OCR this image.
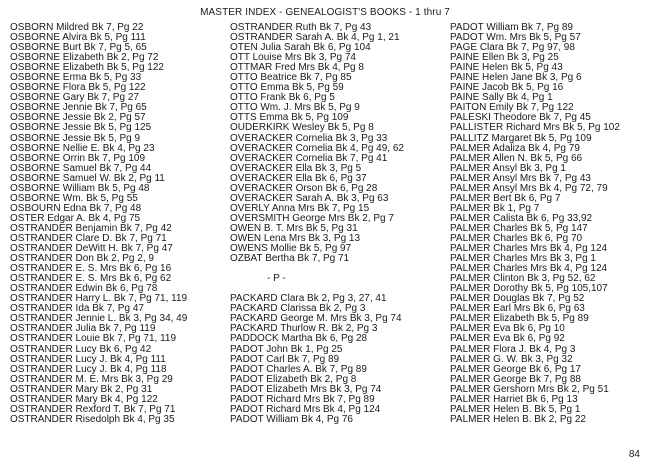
MASTER INDEX - GENEALOGIST'S BOOKS - 1 thru 7
OSBORN Mildred Bk 7, Pg 22
OSBORNE Alvira Bk 5, Pg 111
OSBORNE Burt Bk 7, Pg 5, 65
OSBORNE Elizabeth Bk 2, Pg 72
OSBORNE Elizabeth Bk 5, Pg 122
OSBORNE Erma Bk 5, Pg 33
OSBORNE Flora Bk 5, Pg 122
OSBORNE Gary Bk 7, Pg 27
OSBORNE Jennie Bk 7, Pg 65
OSBORNE Jessie Bk 2, Pg 57
OSBORNE Jessie Bk 5, Pg 125
OSBORNE Jessie Bk 5, Pg 9
OSBORNE Nellie E. Bk 4, Pg 23
OSBORNE Orrin Bk 7, Pg 109
OSBORNE Samuel Bk 7, Pg 44
OSBORNE Samuel W. Bk 2, Pg 11
OSBORNE William Bk 5, Pg 48
OSBORNE Wm. Bk 5, Pg 55
OSBOURN Edna Bk 7, Pg 48
OSTER Edgar A. Bk 4, Pg 75
OSTRANDER Benjamin Bk 7, Pg 42
OSTRANDER Clare D. Bk 7, Pg 71
OSTRANDER DeWitt H. Bk 7, Pg 47
OSTRANDER Don Bk 2, Pg 2, 9
OSTRANDER E. S. Mrs Bk 6, Pg 16
OSTRANDER E. S. Mrs Bk 6, Pg 62
OSTRANDER Edwin Bk 6, Pg 78
OSTRANDER Harry L. Bk 7, Pg 71, 119
OSTRANDER Ida Bk 7, Pg 47
OSTRANDER Jennie L. Bk 3, Pg 34, 49
OSTRANDER Julia Bk 7, Pg 119
OSTRANDER Louie Bk 7, Pg 71, 119
OSTRANDER Lucy Bk 6, Pg 42
OSTRANDER Lucy J. Bk 4, Pg 111
OSTRANDER Lucy J. Bk 4, Pg 118
OSTRANDER M. E. Mrs Bk 3, Pg 29
OSTRANDER Mary Bk 2, Pg 31
OSTRANDER Mary Bk 4, Pg 122
OSTRANDER Rexford T. Bk 7, Pg 71
OSTRANDER Risedolph Bk 4, Pg 35
OSTRANDER Ruth Bk 7, Pg 43
OSTRANDER Sarah A. Bk 4, Pg 1, 21
OTEN Julia Sarah Bk 6, Pg 104
OTT Louise Mrs Bk 3, Pg 74
OTTMAR Fred Mrs Bk 4, Pg 8
OTTO Beatrice Bk 7, Pg 85
OTTO Emma Bk 5, Pg 59
OTTO Frank Bk 6, Pg 5
OTTO Wm. J. Mrs Bk 5, Pg 9
OTTS Emma Bk 5, Pg 109
OUDERKIRK Wesley Bk 5, Pg 8
OVERACKER Cornelia Bk 3, Pg 33
OVERACKER Cornelia Bk 4, Pg 49, 62
OVERACKER Cornelia Bk 7, Pg 41
OVERACKER Ella Bk 3, Pg 5
OVERACKER Ella Bk 6, Pg 37
OVERACKER Orson Bk 6, Pg 28
OVERACKER Sarah A. Bk 3, Pg 63
OVERLY Anna Mrs Bk 7, Pg 15
OVERSMITH George Mrs Bk 2, Pg 7
OWEN B. T. Mrs Bk 5, Pg 31
OWEN Lena Mrs Bk 3, Pg 13
OWENS Mollie Bk 5, Pg 97
OZBAT Bertha Bk 7, Pg 71
- P -
PACKARD Clara Bk 2, Pg 3, 27, 41
PACKARD Clarissa Bk 2, Pg 3
PACKARD George M. Mrs Bk 3, Pg 74
PACKARD Thurlow R. Bk 2, Pg 3
PADDOCK Martha Bk 6, Pg 28
PADOT John Bk 1, Pg 25
PADOT Carl Bk 7, Pg 89
PADOT Charles A. Bk 7, Pg 89
PADOT Elizabeth Bk 2, Pg 8
PADOT Elizabeth Mrs Bk 3, Pg 74
PADOT Richard Mrs Bk 7, Pg 89
PADOT Richard Mrs Bk 4, Pg 124
PADOT William Bk 4, Pg 76
PADOT William Bk 7, Pg 89
PADOT Wm. Mrs Bk 5, Pg 57
PAGE Clara Bk 7, Pg 97, 98
PAINE Ellen Bk 3, Pg 25
PAINE Helen Bk 5, Pg 43
PAINE Helen Jane Bk 3, Pg 6
PAINE Jacob Bk 5, Pg 16
PAINE Sally Bk 4, Pg 1
PAITON Emily Bk 7, Pg 122
PALESKI Theodore Bk 7, Pg 45
PALLISTER Richard Mrs Bk 5, Pg 102
PALLITZ Margaret Bk 5, Pg 109
PALMER Adaliza Bk 4, Pg 79
PALMER Allen N. Bk 5, Pg 66
PALMER Ansyl Bk 3, Pg 1
PALMER Ansyl Mrs Bk 7, Pg 43
PALMER Ansyl Mrs Bk 4, Pg 72, 79
PALMER Bert Bk 6, Pg 7
PALMER Bk 1, Pg 7
PALMER Calista Bk 6, Pg 33,92
PALMER Charles Bk 5, Pg 147
PALMER Charles Bk 6, Pg 70
PALMER Charles Mrs Bk 4, Pg 124
PALMER Charles Mrs Bk 3, Pg 1
PALMER Charles Mrs Bk 4, Pg 124
PALMER Clinton Bk 3, Pg 52, 62
PALMER Dorothy Bk 5, Pg 105,107
PALMER Douglas Bk 7, Pg 52
PALMER Earl Mrs Bk 6, Pg 63
PALMER Elizabeth Bk 5, Pg 89
PALMER Eva Bk 6, Pg 10
PALMER Eva Bk 6, Pg 92
PALMER Flora J. Bk 4, Pg 3
PALMER G. W. Bk 3, Pg 32
PALMER George Bk 6, Pg 17
PALMER George Bk 7, Pg 88
PALMER Gershorn Mrs Bk 2, Pg 51
PALMER Harriet Bk 6, Pg 13
PALMER Helen B. Bk 5, Pg 1
PALMER Helen B. Bk 2, Pg 22
84
